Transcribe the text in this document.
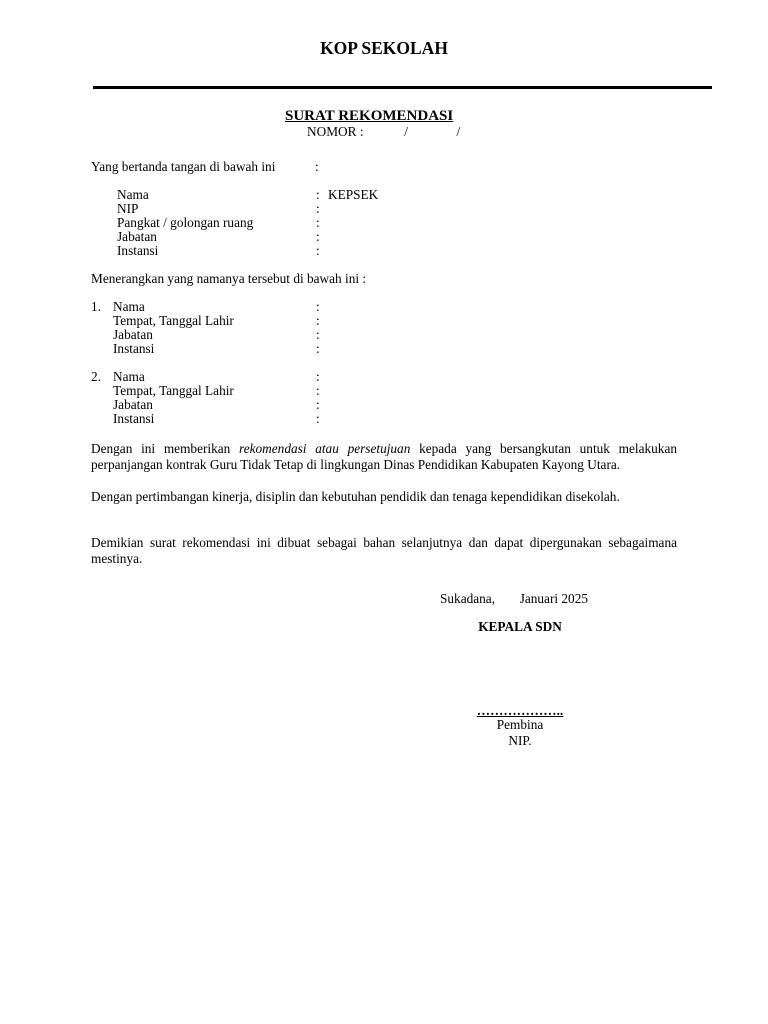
KOP SEKOLAH
SURAT REKOMENDASI
NOMOR :	/	/
Yang bertanda tangan di bawah ini	:
Nama	: KEPSEK
NIP	:
Pangkat / golongan ruang	:
Jabatan	:
Instansi	:
Menerangkan yang namanya tersebut di bawah ini :
1. Nama	:
Tempat, Tanggal Lahir	:
Jabatan	:
Instansi	:
2. Nama	:
Tempat, Tanggal Lahir	:
Jabatan	:
Instansi	:
Dengan ini memberikan rekomendasi atau persetujuan kepada yang bersangkutan untuk melakukan perpanjangan kontrak Guru Tidak Tetap di lingkungan Dinas Pendidikan Kabupaten Kayong Utara.
Dengan pertimbangan kinerja, disiplin dan kebutuhan pendidik dan tenaga kependidikan disekolah.
Demikian surat rekomendasi ini dibuat sebagai bahan selanjutnya dan dapat dipergunakan sebagaimana mestinya.
Sukadana, Januari 2025
KEPALA SDN
………………..
Pembina
NIP.
